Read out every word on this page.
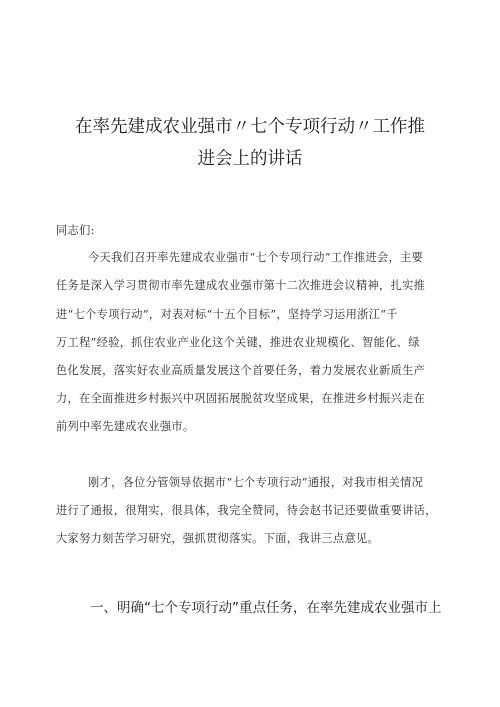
在率先建成农业强市〃七个专项行动〃工作推
进会上的讲话
同志们:
今天我们召开率先建成农业强市“七个专项行动”工作推进会，主要
任务是深入学习贯彻市率先建成农业强市第十二次推进会议精神，扎实推
进“七个专项行动”，对表对标“十五个目标”，坚持学习运用浙江“千
万工程”经验，抓住农业产业化这个关键，推进农业规模化、智能化、绿
色化发展，落实好农业高质量发展这个首要任务，着力发展农业新质生产
力，在全面推进乡村振兴中巩固拓展脱贫攻坚成果，在推进乡村振兴走在
前列中率先建成农业强市。
刚才，各位分管领导依据市“七个专项行动”通报，对我市相关情况
进行了通报，很翔实，很具体，我完全赞同，待会赵书记还要做重要讲话，
大家努力刻苦学习研究，强抓贯彻落实。下面，我讲三点意见。
一、明确“七个专项行动”重点任务，在率先建成农业强市上
